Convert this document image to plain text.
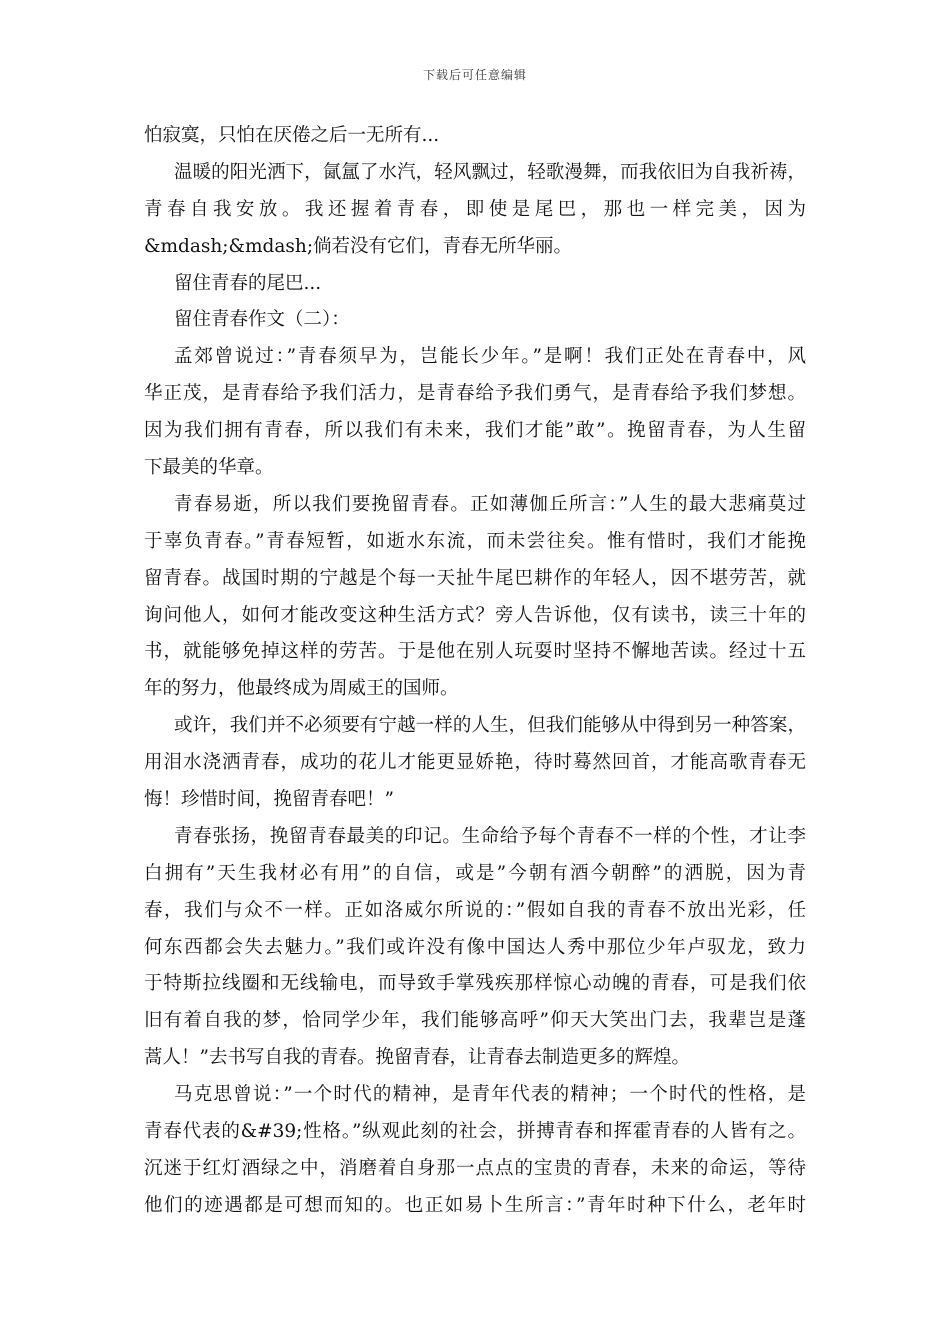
下载后可任意编辑
怕寂寞，只怕在厌倦之后一无所有...
温暖的阳光洒下，氤氲了水汽，轻风飘过，轻歌漫舞，而我依旧为自我祈祷，
青春自我安放。我还握着青春，即使是尾巴，那也一样完美，因为
&mdash;&mdash;倘若没有它们，青春无所华丽。
留住青春的尾巴...
留住青春作文（二）：
孟郊曾说过：”青春须早为，岂能长少年。”是啊！我们正处在青春中，风
华正茂，是青春给予我们活力，是青春给予我们勇气，是青春给予我们梦想。
因为我们拥有青春，所以我们有未来，我们才能”敢”。挽留青春，为人生留
下最美的华章。
青春易逝，所以我们要挽留青春。正如薄伽丘所言：”人生的最大悲痛莫过
于辜负青春。”青春短暂，如逝水东流，而未尝往矣。惟有惜时，我们才能挽
留青春。战国时期的宁越是个每一天扯牛尾巴耕作的年轻人，因不堪劳苦，就
询问他人，如何才能改变这种生活方式？旁人告诉他，仅有读书，读三十年的
书，就能够免掉这样的劳苦。于是他在别人玩耍时坚持不懈地苦读。经过十五
年的努力，他最终成为周威王的国师。
或许，我们并不必须要有宁越一样的人生，但我们能够从中得到另一种答案，
用泪水浇洒青春，成功的花儿才能更显娇艳，待时蓦然回首，才能高歌青春无
悔！珍惜时间，挽留青春吧！”
青春张扬，挽留青春最美的印记。生命给予每个青春不一样的个性，才让李
白拥有”天生我材必有用”的自信，或是”今朝有酒今朝醉”的洒脱，因为青
春，我们与众不一样。正如洛威尔所说的：”假如自我的青春不放出光彩，任
何东西都会失去魅力。”我们或许没有像中国达人秀中那位少年卢驭龙，致力
于特斯拉线圈和无线输电，而导致手掌残疾那样惊心动魄的青春，可是我们依
旧有着自我的梦，恰同学少年，我们能够高呼”仰天大笑出门去，我辈岂是蓬
蒿人！”去书写自我的青春。挽留青春，让青春去制造更多的辉煌。
马克思曾说：”一个时代的精神，是青年代表的精神；一个时代的性格，是
青春代表的&#39;性格。”纵观此刻的社会，拼搏青春和挥霍青春的人皆有之。
沉迷于红灯酒绿之中，消磨着自身那一点点的宝贵的青春，未来的命运，等待
他们的迹遇都是可想而知的。也正如易卜生所言：”青年时种下什么，老年时
